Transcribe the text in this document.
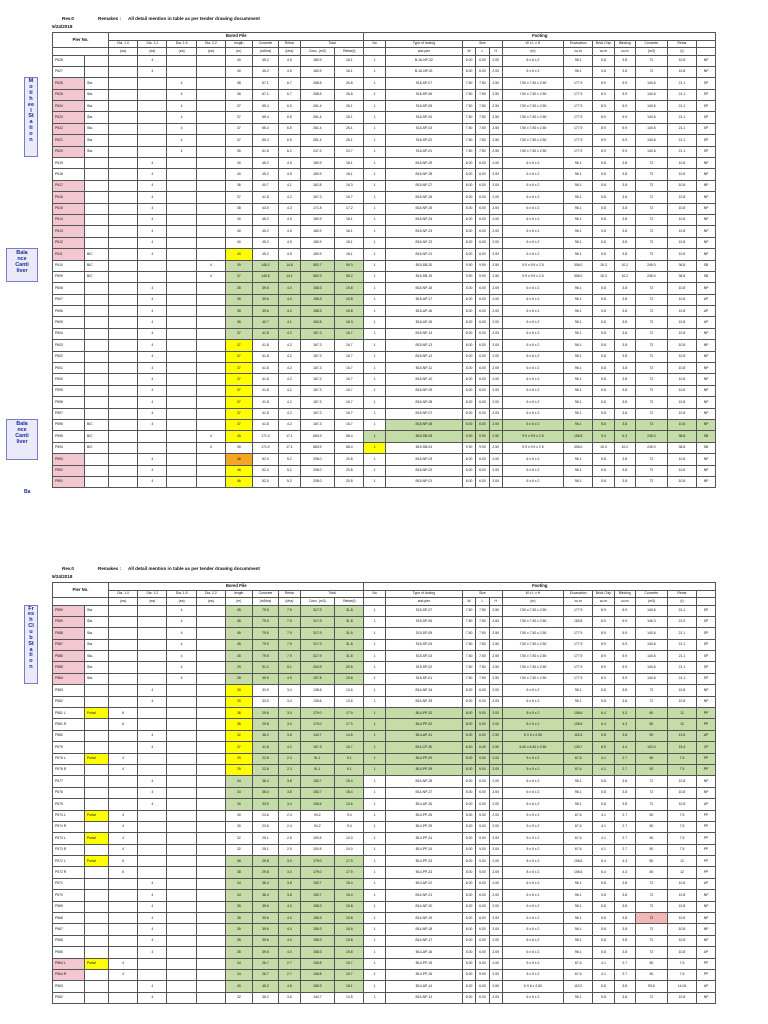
Rev.0
5/24/2018
Remakes : All detail mention in table as per tender drawing documment
Pier No.		Bored Pile									Footing											
		Dia. 1.0	Dia. 1.2	Dia. 1.5	Dia. 2.2	length	Concrete	Rebar	Total		No	Type of footing	Size			W x L x H	Excavation	Brick Chip	Blinding	Concrete	Rebar	
		(ea)	(ea)	(ea)	(ea)	(m)	(m3/ea)	(t/ea)	Conc. (m3)	Rebar(t)		and pier	W	L	H	(m)	cu.m	cu.m	cu.m	(m3)	(t)	
P628			4			40	45.2	4.5	180.9	18.1	1	B-16-NP-02	6.00	6.00	2.00	6 x 6 x 2	96.1	5.8	3.8	72	10.8	NP
P627			4			40	45.2	4.5	180.9	18.1	1	B-16-NP-01	6.00	6.00	2.00	6 x 6 x 2	96.1	5.8	3.8	72	10.8	NP
P626	Sta.			4		38	67.1	6.7	268.5	26.8	1	S16-SP-07	7.50	7.50	2.50	7.50 x 7.50 x 2.50	177.9	8.9	5.9	140.6	21.1	SP
P625	Sta.			4		38	67.1	6.7	268.5	26.8	1	S16-SP-06	7.50	7.50	2.50	7.50 x 7.50 x 2.50	177.9	8.9	5.9	140.6	21.1	SP
P624	Sta.			4		37	65.4	6.5	261.4	26.1	1	S16-SP-05	7.50	7.50	2.50	7.50 x 7.50 x 2.50	177.9	8.9	5.9	140.6	21.1	SP
P623	Sta.			4		37	65.4	6.5	261.4	26.1	1	S16-SP-04	7.50	7.50	2.50	7.50 x 7.50 x 2.50	177.9	8.9	5.9	140.6	21.1	SP
P622	Sta.			4		37	65.4	6.5	261.4	26.1	1	S16-SP-03	7.50	7.50	2.50	7.50 x 7.50 x 2.50	177.9	8.9	5.9	140.6	21.1	SP
P621	Sta.			4		37	65.4	6.5	261.4	26.1	1	S16-SP-02	7.50	7.50	2.50	7.50 x 7.50 x 2.50	177.9	8.9	5.9	140.6	21.1	SP
P620	Sta.			4		35	61.8	6.2	247.3	24.7	1	S16-SP-01	7.50	7.50	2.50	7.50 x 7.50 x 2.50	177.9	8.9	5.9	140.6	21.1	SP
P619			4			40	45.2	4.5	180.9	18.1	1	B15-NP-29	6.00	6.00	2.00	6 x 6 x 2	96.1	5.8	3.8	72	10.8	NP
P618			4			40	45.2	4.5	180.9	18.1	1	B15-NP-28	6.00	6.00	2.00	6 x 6 x 2	96.1	5.8	3.8	72	10.8	NP
P617			4			36	40.7	4.1	162.8	16.3	1	B15-NP-27	6.00	6.00	2.00	6 x 6 x 2	96.1	5.8	3.8	72	10.8	NP
P616			4			37	41.8	4.2	167.3	16.7	1	B15-NP-26	6.00	6.00	2.00	6 x 6 x 2	96.1	5.8	3.8	72	10.8	NP
P615			4			38	43.0	4.3	171.8	17.2	1	B15-NP-25	6.00	6.00	2.00	6 x 6 x 2	96.1	5.8	3.8	72	10.8	NP
P614			4			40	45.2	4.5	180.9	18.1	1	B15-NP-24	6.00	6.00	2.00	6 x 6 x 2	96.1	5.8	3.8	72	10.8	NP
P613			4			40	45.2	4.5	180.9	18.1	1	B15-NP-23	6.00	6.00	2.00	6 x 6 x 2	96.1	5.8	3.8	72	10.8	NP
P612			4			40	45.2	4.5	180.9	18.1	1	B15-NP-22	6.00	6.00	2.00	6 x 6 x 2	96.1	5.8	3.8	72	10.8	NP
P611	B/C		4			40	45.2	4.5	180.9	18.1	1	B15-NP-21	6.00	6.00	2.00	6 x 6 x 2	96.1	5.8	3.8	72	10.8	NP
P610	B/C				4	39	148.2	14.8	592.7	59.3	1	B15-SB-20	9.90	9.90	2.50	9.9 x 9.9 x 2.5	306.0	15.3	10.2	245.0	36.8	SB
P609	B/C				4	37	140.6	14.1	562.3	56.2	1	B15-SB-19	9.90	9.90	2.50	9.9 x 9.9 x 2.5	306.0	15.3	10.2	245.0	36.8	SB
P608			4			35	39.6	4.0	158.3	15.8	1	B15-NP-18	6.00	6.00	2.00	6 x 6 x 2	96.1	5.8	3.8	72	10.8	NP
P607			4			35	39.6	4.0	158.3	15.8	1	B15-AP-17	6.00	6.00	2.00	6 x 6 x 2	96.1	5.8	3.8	72	10.8	AP
P606			4			35	39.6	4.0	158.3	15.8	1	B15-AP-16	6.00	6.00	2.00	6 x 6 x 2	96.1	5.8	3.8	72	10.8	AP
P605			4			36	40.7	4.1	162.8	16.3	1	B15-AP-15	6.00	6.00	2.00	6 x 6 x 2	96.1	5.8	3.8	72	10.8	AP
P604			4			37	41.8	4.2	167.3	16.7	1	B15-NP-14	6.00	6.00	2.00	6 x 6 x 2	96.1	5.8	3.8	72	10.8	NP
P603			4			37	41.8	4.2	167.3	16.7	1	B15-NP-13	6.00	6.00	2.00	6 x 6 x 2	96.1	5.8	3.8	72	10.8	NP
P602			4			37	41.8	4.2	167.3	16.7	1	B15-NP-12	6.00	6.00	2.00	6 x 6 x 2	96.1	5.8	3.8	72	10.8	NP
P601			4			37	41.8	4.2	167.3	16.7	1	B15-NP-11	6.00	6.00	2.00	6 x 6 x 2	96.1	5.8	3.8	72	10.8	NP
P600			4			37	41.8	4.2	167.3	16.7	1	B15-NP-10	6.00	6.00	2.00	6 x 6 x 2	96.1	5.8	3.8	72	10.8	NP
P599			4			37	41.8	4.2	167.3	16.7	1	B15-NP-09	6.00	6.00	2.00	6 x 6 x 2	96.1	5.8	3.8	72	10.8	NP
P598			4			37	41.8	4.2	167.3	16.7	1	B15-NP-08	6.00	6.00	2.00	6 x 6 x 2	96.1	5.8	3.8	72	10.8	NP
P597			4			37	41.8	4.2	167.3	16.7	1	B15-NP-07	6.00	6.00	2.00	6 x 6 x 2	96.1	5.8	3.8	72	10.8	NP
P596	B/C		4			37	41.8	4.2	167.3	16.7	1	B15-NP-06	6.00	6.00	2.00	6 x 6 x 2	96.1	5.8	3.8	72	10.8	NP
P595	B/C				4	45	171.0	17.1	683.9	68.4	1	B15-SB-05	9.90	9.90	2.50	9.9 x 9.9 x 2.5	156.8	9.4	6.3	245.0	36.8	SB
P594	B/C				4	45	171.0	17.1	683.9	68.4	1	B15-SB-04	9.90	9.90	2.50	9.9 x 9.9 x 2.5	306.0	15.3	10.2	245.0	36.8	SB
P593			4			46	52.0	5.2	208.0	20.8	1	B15-NP-03	6.00	6.00	2.00	6 x 6 x 2	96.1	5.8	3.8	72	10.8	NP
P592			4			46	52.0	5.2	208.0	20.8	1	B15-NP-02	6.00	6.00	2.00	6 x 6 x 2	96.1	5.8	3.8	72	10.8	NP
P591			4			46	52.0	5.2	208.0	20.8	1	B15-NP-01	6.00	6.00	2.00	6 x 6 x 2	96.1	5.8	3.8	72	10.8	NP
M
o
ti
h
ee
l
St
a
ti
o
n
Bala
nce
Canti
liver
Bala
nce
Canti
liver
Ba
Rev.0
5/24/2018
Remakes : All detail mention in table as per tender drawing documment
Pier No.		Bored Pile									Footing											
		Dia. 1.0	Dia. 1.2	Dia. 1.5	Dia. 2.2	length	Concrete	Rebar	Total		No	Type of footing	Size			W x L x H	Excavation	Brick Chip	Blinding	Concrete	Rebar	
		(ea)	(ea)	(ea)	(ea)	(m)	(m3/ea)	(t/ea)	Conc. (m3)	Rebar(t)		and pier	W	L	H	(m)	cu.m	cu.m	cu.m	(m3)	(t)	
P590	Sta.			4		45	79.5	7.9	317.9	31.8	1	S15-SP-07	7.50	7.50	2.50	7.50 x 7.50 x 2.50	177.9	8.9	5.9	140.6	21.1	SP
P589	Sta.			4		45	79.5	7.9	317.9	31.8	1	S15-SP-06	7.50	7.50	2.60	7.50 x 7.50 x 2.60	183.8	8.9	5.9	146.3	21.9	SP
P588	Sta.			4		45	79.5	7.9	317.9	31.8	1	S15-SP-05	7.50	7.50	2.50	7.50 x 7.50 x 2.50	177.9	8.9	5.9	140.6	21.1	SP
P587	Sta.			4		45	79.5	7.9	317.9	31.8	1	S15-SP-04	7.50	7.50	2.50	7.50 x 7.50 x 2.50	177.9	8.9	5.9	140.6	21.1	SP
P586	Sta.			4		45	79.5	7.9	317.9	31.8	1	S15-SP-03	7.50	7.50	2.50	7.50 x 7.50 x 2.50	177.9	8.9	5.9	140.6	21.1	SP
P585	Sta.			4		29	51.2	5.1	204.9	20.5	1	S15-SP-02	7.50	7.50	2.50	7.50 x 7.50 x 2.50	177.9	8.9	5.9	140.6	21.1	SP
P584	Sta.			4		28	49.5	4.9	197.8	19.8	1	S15-SP-01	7.50	7.50	2.50	7.50 x 7.50 x 2.50	177.9	8.9	5.9	140.6	21.1	SP
P583			4			30	33.9	3.4	135.6	13.6	1	B14-NP-34	6.00	6.00	2.00	6 x 6 x 2	96.1	5.8	3.8	72	10.8	NP
P582			4			30	33.9	3.4	135.6	13.6	1	B14-NP-33	6.00	6.00	2.00	6 x 6 x 2	96.1	5.8	3.8	72	10.8	NP
P581 L	Portal	6				38	29.8	3.0	179.0	17.9	1	B14-PP-32	8.00	5.00	2.00	8 x 5 x 2	106.6	6.4	4.3	80	12	PP
P581 R		6				38	29.8	3.0	179.0	17.9	1	B14-PP-32	8.00	5.00	2.00	8 x 5 x 2	106.6	6.4	4.3	80	12	PP
P580			4			32	36.2	3.6	144.7	14.5	1	B14-AP-31	6.00	6.00	2.50	6 X 6 x 2.50	115.3	5.8	3.8	90	13.5	AP
P579			4			37	41.8	4.2	167.3	16.7	1	B14-CP-30	6.40	6.40	2.50	6.40 x 6.40 x 2.50	130.7	6.5	4.4	102.4	15.4	CP
P578 L	Portal	4				29	22.8	2.3	91.1	9.1	1	B14-PP-29	5.00	5.00	2.00	5 x 5 x 2	67.6	4.1	2.7	50	7.5	PP
P578 R		4				29	22.8	2.3	91.1	9.1	1	B14-PP-29	5.00	5.00	2.00	5 x 5 x 2	67.6	4.1	2.7	50	7.5	PP
P577			4			34	38.4	3.8	153.7	15.4	1	B14-NP-28	6.00	6.00	2.00	6 x 6 x 2	96.1	5.8	3.8	72	10.8	NP
P576			4			34	38.4	3.8	153.7	15.4	1	B14-NP-27	6.00	6.00	2.00	6 x 6 x 2	96.1	5.8	3.8	72	10.8	NP
P575			4			30	33.9	3.4	135.6	13.6	1	B14-AP-26	6.00	6.00	2.00	6 x 6 x 2	96.1	5.8	3.8	72	10.8	AP
P574 L	Portal	4				30	23.6	2.4	94.2	9.4	1	B14-PP-25	5.00	5.00	2.00	5 x 5 x 2	67.6	4.1	2.7	50	7.5	PP
P574 R		4				30	23.6	2.4	94.2	9.4	1	B14-PP-25	5.00	5.00	2.00	5 x 5 x 2	67.6	4.1	2.7	50	7.5	PP
P573 L	Portal	4				32	25.1	2.5	100.5	10.0	1	B14-PP-24	5.00	5.00	2.00	5 x 5 x 2	67.6	4.1	2.7	50	7.5	PP
P573 R		4				32	25.1	2.5	100.5	10.0	1	B14-PP-24	5.00	5.00	2.00	5 x 5 x 2	67.6	4.1	2.7	50	7.5	PP
P572 L	Portal	6				38	29.8	3.0	179.0	17.9	1	B14-PP-23	8.00	5.00	2.00	8 x 5 x 2	106.6	6.4	4.3	80	12	PP
P572 R		6				38	29.8	3.0	179.0	17.9	1	B14-PP-23	8.00	5.00	2.00	8 x 5 x 2	106.6	6.4	4.3	80	12	PP
P571			4			34	38.4	3.8	153.7	15.4	1	B14-AP-22	6.00	6.00	2.00	6 x 6 x 2	96.1	5.8	3.8	72	10.8	AP
P570			4			34	38.4	3.8	153.7	15.4	1	B14-NP-21	6.00	6.00	2.00	6 x 6 x 2	96.1	5.8	3.8	72	10.8	NP
P569			4			35	39.6	4.0	158.3	15.8	1	B14-NP-20	6.00	6.00	2.00	6 x 6 x 2	96.1	5.8	3.8	72	10.8	NP
P568			4			35	39.6	4.0	158.3	15.8	1	B14-NP-19	6.00	6.00	2.00	6 x 6 x 2	96.1	5.8	3.8	72	10.8	NP
P567			4			35	39.6	4.0	158.3	15.8	1	B14-NP-18	6.00	6.00	2.00	6 x 6 x 2	96.1	5.8	3.8	72	10.8	NP
P566			4			35	39.6	4.0	158.3	15.8	1	B14-NP-17	6.00	6.00	2.00	6 x 6 x 2	96.1	5.8	3.8	72	10.8	NP
P565			4			35	39.6	4.0	158.3	15.8	1	B14-AP-16	6.00	6.00	2.00	6 x 6 x 2	96.1	5.8	3.8	72	10.8	AP
P564 L	Portal	4				34	26.7	2.7	106.8	10.7	1	B14-PP-15	5.00	5.00	2.00	5 x 5 x 2	67.6	4.1	2.7	50	7.5	PP
P564 R		4				34	26.7	2.7	106.8	10.7	1	B14-PP-15	5.00	5.00	2.00	5 x 5 x 2	67.6	4.1	2.7	50	7.5	PP
P563			4			40	45.2	4.5	180.9	18.1	1	B14-AP-14	6.00	6.00	2.60	6 X 6 x 2.60	119.2	5.8	3.8	93.6	14.04	AP
P562			4			32	36.2	3.6	144.7	14.5	1	B14-NP-13	6.00	6.00	2.00	6 x 6 x 2	96.1	5.8	3.8	72	10.8	NP
Fr
es
h
Cl
u
b
St
a
ti
o
n
